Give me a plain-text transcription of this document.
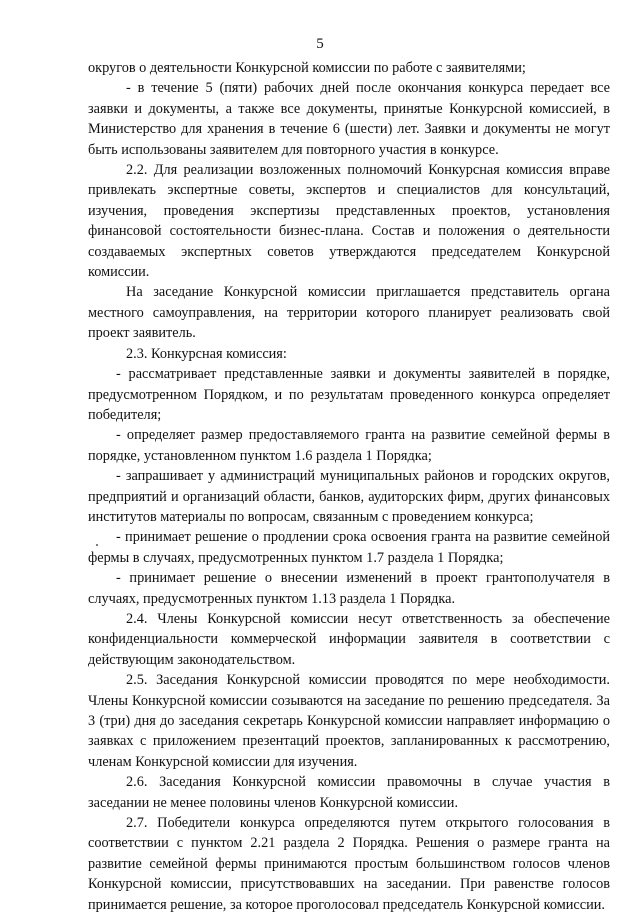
5

округов о деятельности Конкурсной комиссии по работе с заявителями;

- в течение 5 (пяти) рабочих дней после окончания конкурса передает все заявки и документы, а также все документы, принятые Конкурсной комиссией, в Министерство для хранения в течение 6 (шести) лет. Заявки и документы не могут быть использованы заявителем для повторного участия в конкурсе.

2.2. Для реализации возложенных полномочий Конкурсная комиссия вправе привлекать экспертные советы, экспертов и специалистов для консультаций, изучения, проведения экспертизы представленных проектов, установления финансовой состоятельности бизнес-плана. Состав и положения о деятельности создаваемых экспертных советов утверждаются председателем Конкурсной комиссии.

На заседание Конкурсной комиссии приглашается представитель органа местного самоуправления, на территории которого планирует реализовать свой проект заявитель.

2.3. Конкурсная комиссия:

- рассматривает представленные заявки и документы заявителей в порядке, предусмотренном Порядком, и по результатам проведенного конкурса определяет победителя;

- определяет размер предоставляемого гранта на развитие семейной фермы в порядке, установленном пунктом 1.6 раздела 1 Порядка;

- запрашивает у администраций муниципальных районов и городских округов, предприятий и организаций области, банков, аудиторских фирм, других финансовых институтов материалы по вопросам, связанным с проведением конкурса;

- принимает решение о продлении срока освоения гранта на развитие семейной фермы в случаях, предусмотренных пунктом 1.7 раздела 1 Порядка;

- принимает решение о внесении изменений в проект грантополучателя в случаях, предусмотренных пунктом 1.13 раздела 1 Порядка.

2.4. Члены Конкурсной комиссии несут ответственность за обеспечение конфиденциальности коммерческой информации заявителя в соответствии с действующим законодательством.

2.5. Заседания Конкурсной комиссии проводятся по мере необходимости. Члены Конкурсной комиссии созываются на заседание по решению председателя. За 3 (три) дня до заседания секретарь Конкурсной комиссии направляет информацию о заявках с приложением презентаций проектов, запланированных к рассмотрению, членам Конкурсной комиссии для изучения.

2.6. Заседания Конкурсной комиссии правомочны в случае участия в заседании не менее половины членов Конкурсной комиссии.

2.7. Победители конкурса определяются путем открытого голосования в соответствии с пунктом 2.21 раздела 2 Порядка. Решения о размере гранта на развитие семейной фермы принимаются простым большинством голосов членов Конкурсной комиссии, присутствовавших на заседании. При равенстве голосов принимается решение, за которое проголосовал председатель Конкурсной комиссии.
